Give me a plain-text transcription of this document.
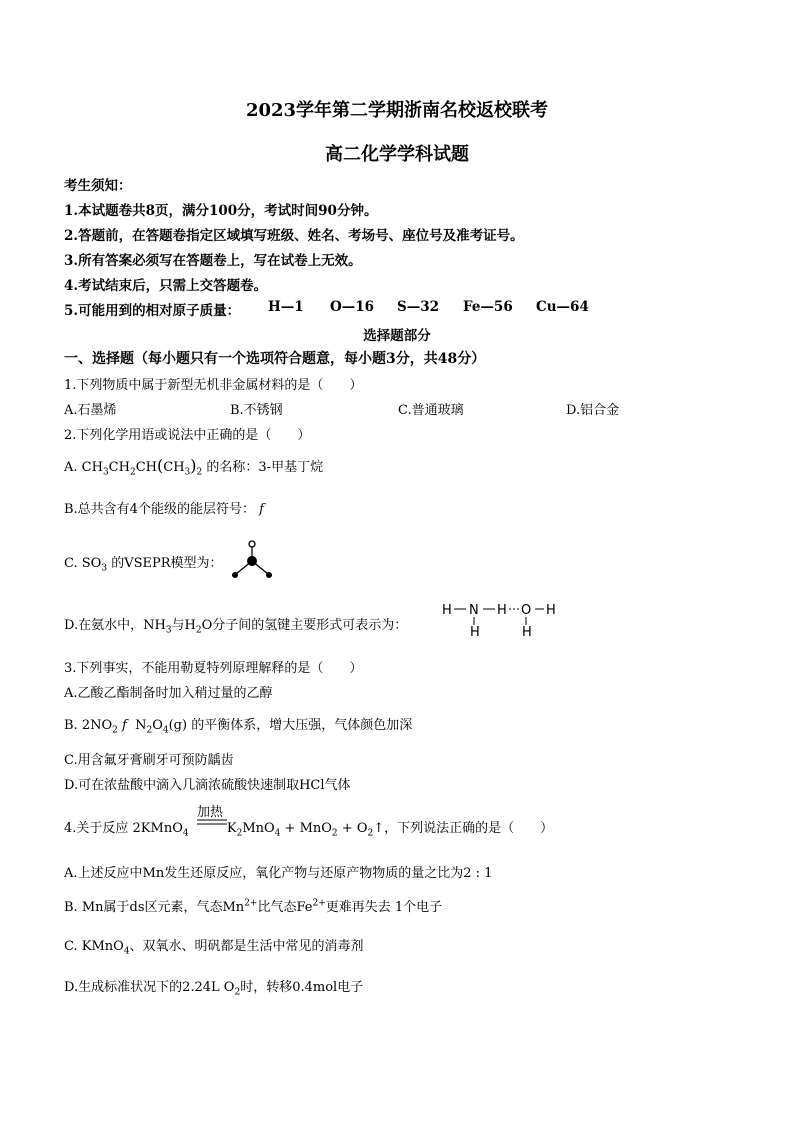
2023学年第二学期浙南名校返校联考
高二化学学科试题
考生须知：
1.本试题卷共8页，满分100分，考试时间90分钟。
2.答题前，在答题卷指定区域填写班级、姓名、考场号、座位号及准考证号。
3.所有答案必须写在答题卷上，写在试卷上无效。
4.考试结束后，只需上交答题卷。
5.可能用到的相对原子质量： H—1 O—16 S—32 Fe—56 Cu—64
选择题部分
一、选择题（每小题只有一个选项符合题意，每小题3分，共48分）
1.下列物质中属于新型无机非金属材料的是（　　）
A.石墨烯	B.不锈钢	C.普通玻璃	D.铝合金
2.下列化学用语或说法中正确的是（　　）
A. $CH_3CH_2CH(CH_3)_2$ 的名称：3-甲基丁烷
B.总共含有4个能级的能层符号： f
C. $SO_3$ 的VSEPR模型为：
D.在氨水中，$NH_3$与$H_2O$分子间的氢键主要形式可表示为：
H N H O H
H	H
3.下列事实，不能用勒夏特列原理解释的是（　　）
A.乙酸乙酯制备时加入稍过量的乙醇
B. $2NO_2$ f $N_2O_4(g)$ 的平衡体系，增大压强，气体颜色加深
C.用含氟牙膏刷牙可预防龋齿
D.可在浓盐酸中滴入几滴浓硫酸快速制取HCl气体
4.关于反应 2KMnO$_4$	$K_2MnO_4 + MnO_2$ + $O_2↑$，下列说法正确的是（　　）
加热
A.上述反应中Mn发生还原反应，氧化产物与还原产物物质的量之比为2 : 1
B. Mn属于ds区元素，气态$Mn^{2+}$比气态$Fe^{2+}$更难再失去 1个电子
C. KMnO$_4$、双氧水、明矾都是生活中常见的消毒剂
D.生成标准状况下的2.24L $O_2$时，转移0.4mol电子
